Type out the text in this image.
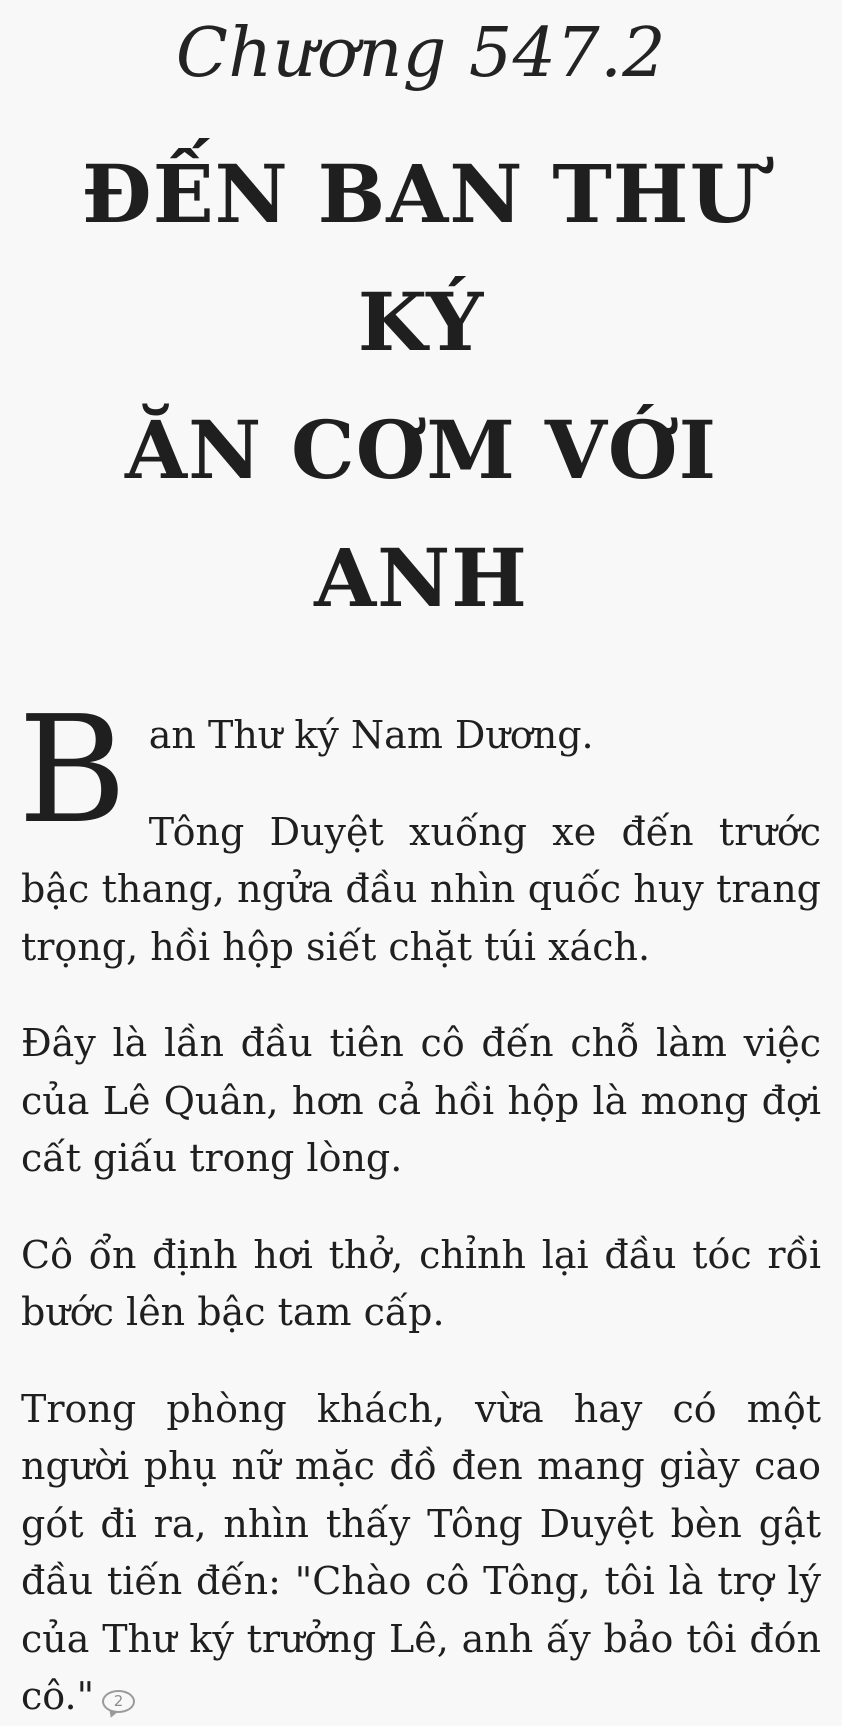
Chương 547.2
ĐẾN BAN THƯ KÝ
ĂN CƠM VỚI ANH
B an Thư ký Nam Dương.

Tông Duyệt xuống xe đến trước bậc thang, ngửa đầu nhìn quốc huy trang trọng, hồi hộp siết chặt túi xách.

Đây là lần đầu tiên cô đến chỗ làm việc của Lê Quân, hơn cả hồi hộp là mong đợi cất giấu trong lòng.

Cô ổn định hơi thở, chỉnh lại đầu tóc rồi bước lên bậc tam cấp.

Trong phòng khách, vừa hay có một người phụ nữ mặc đồ đen mang giày cao gót đi ra, nhìn thấy Tông Duyệt bèn gật đầu tiến đến: "Chào cô Tông, tôi là trợ lý của Thư ký trưởng Lê, anh ấy bảo tôi đón cô." 2
